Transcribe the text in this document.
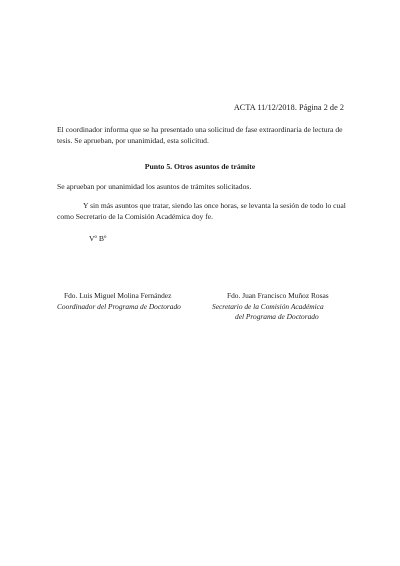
ACTA 11/12/2018. Página 2 de 2
El coordinador informa que se ha presentado una solicitud de fase extraordinaria de lectura de tesis. Se aprueban, por unanimidad, esta solicitud.
Punto 5. Otros asuntos de trámite
Se aprueban por unanimidad los asuntos de trámites solicitados.
Y sin más asuntos que tratar, siendo las once horas, se levanta la sesión de todo lo cual como Secretario de la Comisión Académica doy fe.
Vº Bº
Fdo. Luis Miguel Molina Fernández
Coordinador del Programa de Doctorado
Fdo. Juan Francisco Muñoz Rosas
Secretario de la Comisión Académica
del Programa de Doctorado
